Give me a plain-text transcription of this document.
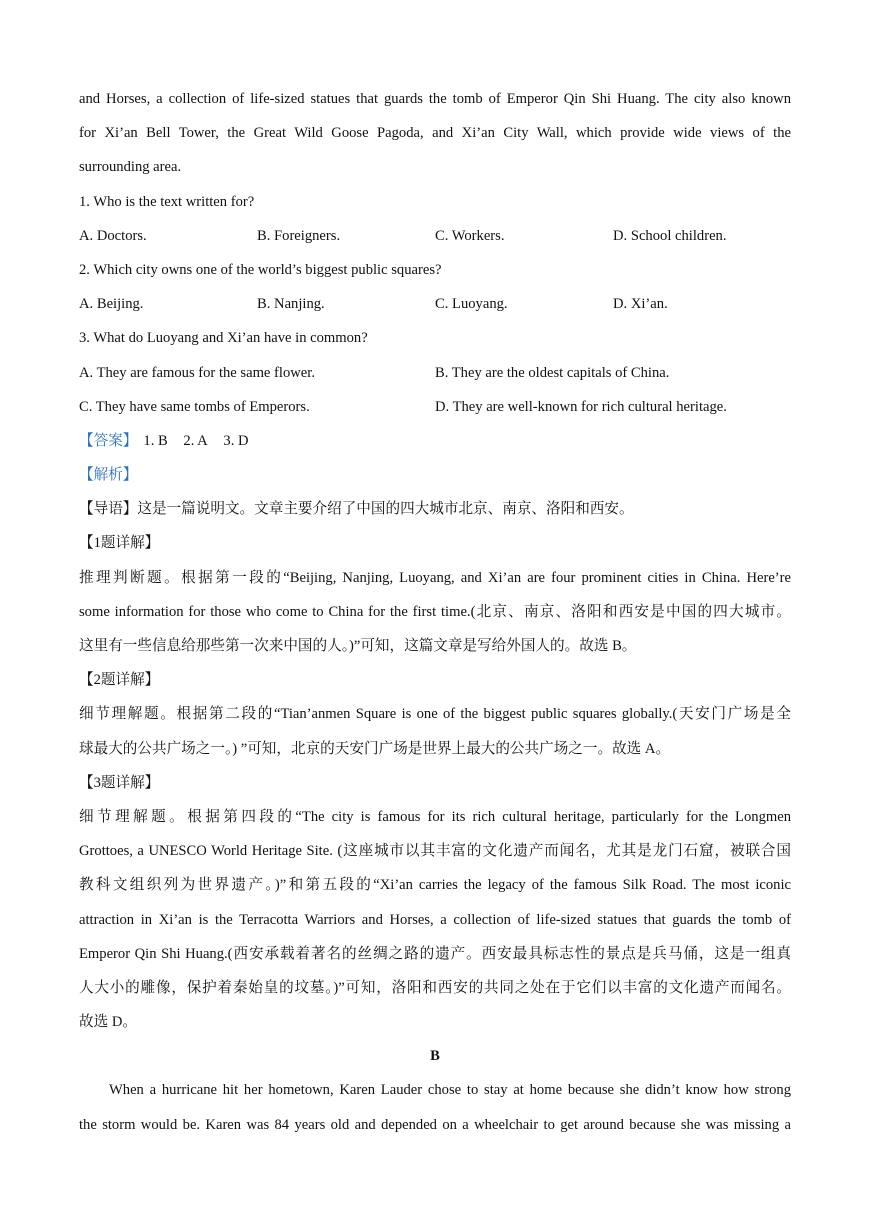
and Horses, a collection of life-sized statues that guards the tomb of Emperor Qin Shi Huang. The city also known
for Xi’an Bell Tower, the Great Wild Goose Pagoda, and Xi’an City Wall, which provide wide views of the
surrounding area.
1. Who is the text written for?
A. Doctors.	B. Foreigners.	C. Workers.	D. School children.
2. Which city owns one of the world’s biggest public squares?
A. Beijing.	B. Nanjing.	C. Luoyang.	D. Xi’an.
3. What do Luoyang and Xi’an have in common?
A. They are famous for the same flower.	B. They are the oldest capitals of China.
C. They have same tombs of Emperors.	D. They are well-known for rich cultural heritage.
【答案】 1. B 2. A 3. D
【解析】
【导语】这是一篇说明文。文章主要介绍了中国的四大城市北京、南京、洛阳和西安。
【1题详解】
推理判断题。根据第一段的“Beijing, Nanjing, Luoyang, and Xi’an are four prominent cities in China. Here’re
some information for those who come to China for the first time.(北京、南京、洛阳和西安是中国的四大城市。
这里有一些信息给那些第一次来中国的人。)”可知，这篇文章是写给外国人的。故选 B。
【2题详解】
细节理解题。根据第二段的“Tian’anmen Square is one of the biggest public squares globally.(天安门广场是全
球最大的公共广场之一。) ”可知，北京的天安门广场是世界上最大的公共广场之一。故选 A。
【3题详解】
细节理解题。根据第四段的“The city is famous for its rich cultural heritage, particularly for the Longmen
Grottoes, a UNESCO World Heritage Site. (这座城市以其丰富的文化遗产而闻名，尤其是龙门石窟，被联合国
教科文组织列为世界遗产。)”和第五段的“Xi’an carries the legacy of the famous Silk Road. The most iconic
attraction in Xi’an is the Terracotta Warriors and Horses, a collection of life-sized statues that guards the tomb of
Emperor Qin Shi Huang.(西安承载着著名的丝绸之路的遗产。西安最具标志性的景点是兵马俑，这是一组真
人大小的雕像，保护着秦始皇的坟墓。)”可知，洛阳和西安的共同之处在于它们以丰富的文化遗产而闻名。
故选 D。
B
When a hurricane hit her hometown, Karen Lauder chose to stay at home because she didn’t know how strong
the storm would be. Karen was 84 years old and depended on a wheelchair to get around because she was missing a
